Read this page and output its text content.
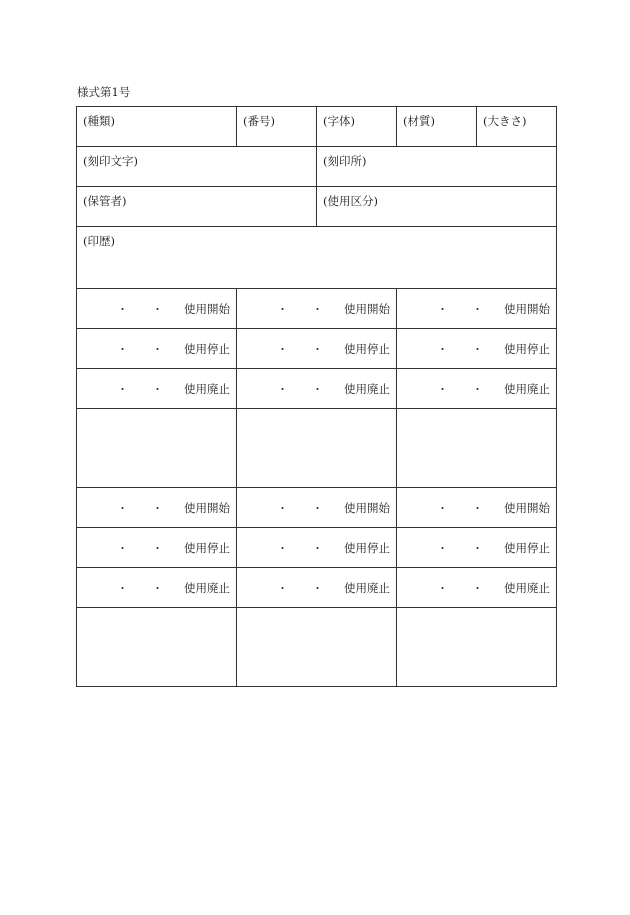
様式第1号
(種類)	(番号)	(字体)	(材質)	(大きさ)

(刻印文字)		(刻印所)		

(保管者)		(使用区分)		

(印歴)				

・ ・ 使用開始	・ ・ 使用開始		・ ・ 使用開始	

・ ・ 使用停止	・ ・ 使用停止		・ ・ 使用停止	

・ ・ 使用廃止	・ ・ 使用廃止		・ ・ 使用廃止	

・ ・ 使用開始	・ ・ 使用開始		・ ・ 使用開始	

・ ・ 使用停止	・ ・ 使用停止		・ ・ 使用停止	

・ ・ 使用廃止	・ ・ 使用廃止		・ ・ 使用廃止	
